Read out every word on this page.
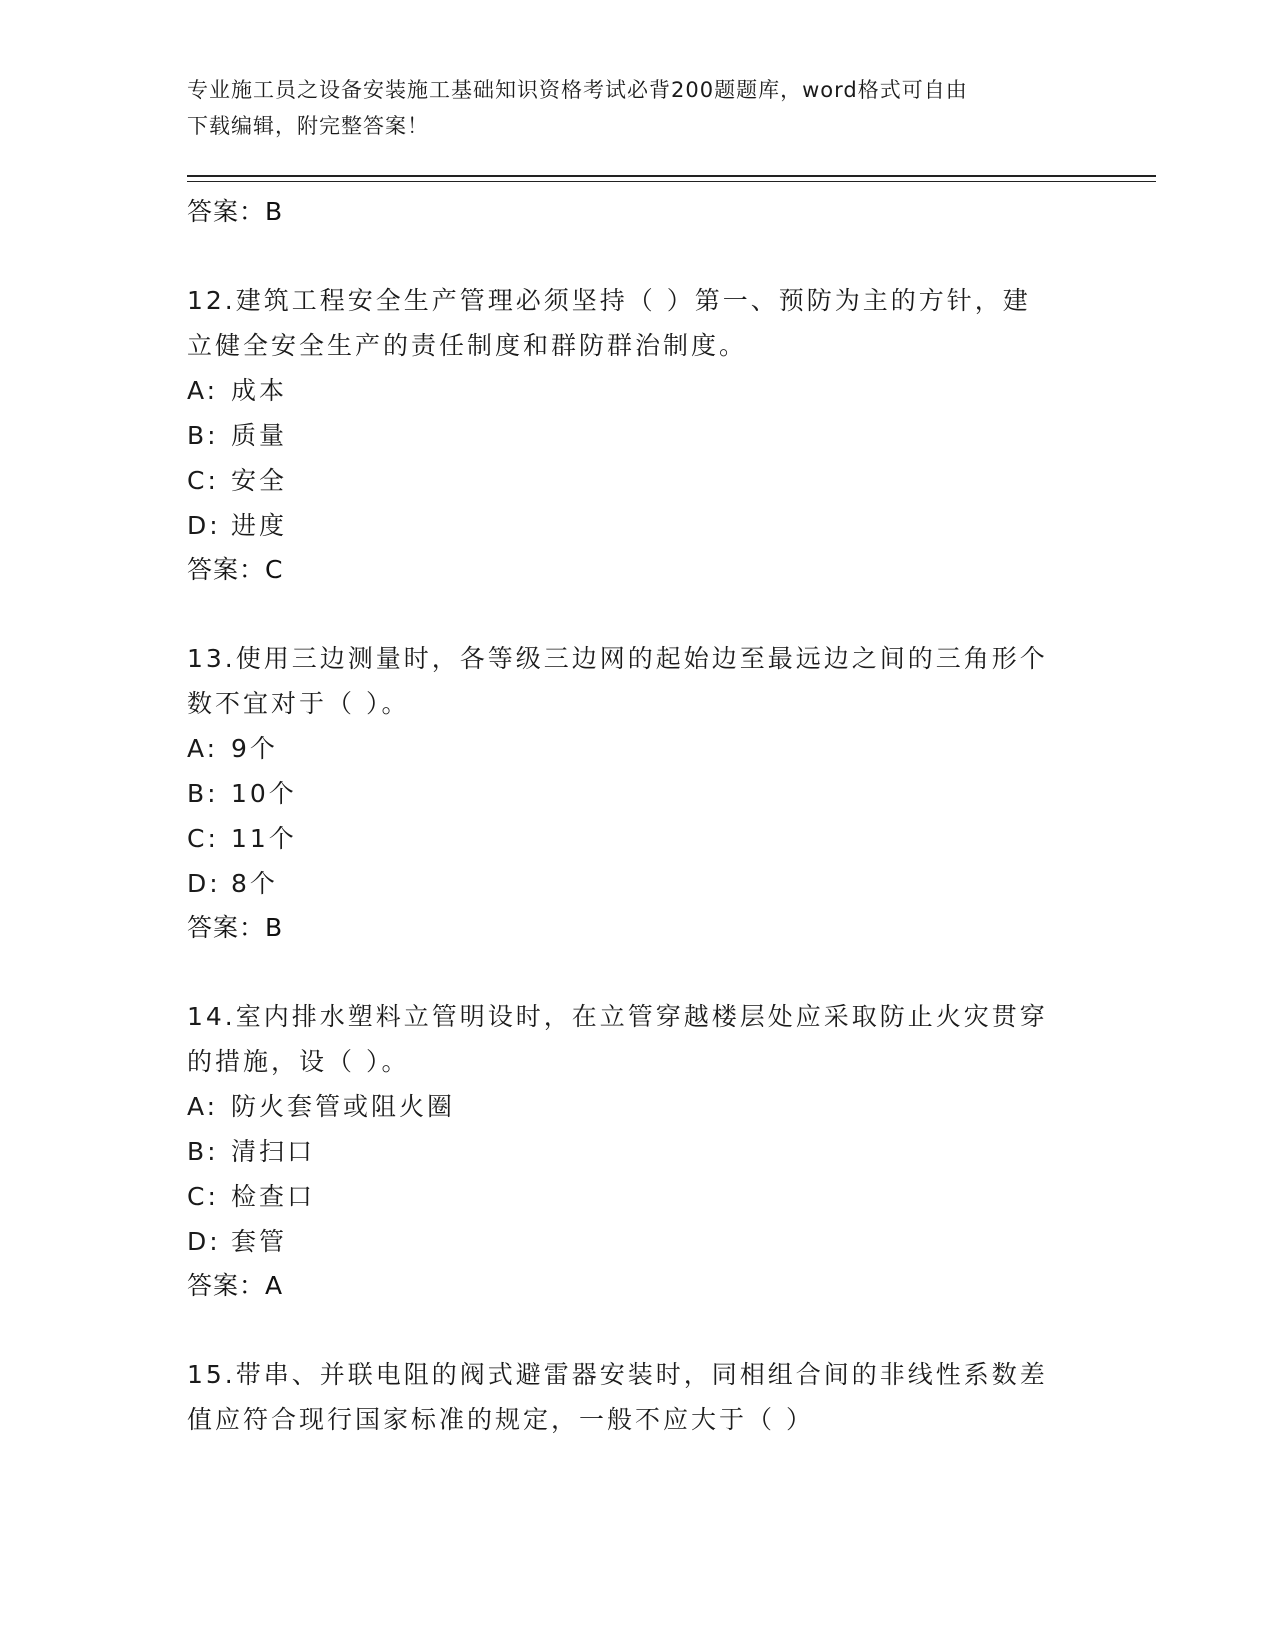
专业施工员之设备安装施工基础知识资格考试必背200题题库，word格式可自由
下载编辑，附完整答案！
答案：B
12.建筑工程安全生产管理必须坚持（ ）第一、预防为主的方针，建
立健全安全生产的责任制度和群防群治制度。
A: 成本
B: 质量
C: 安全
D: 进度
答案：C
13.使用三边测量时，各等级三边网的起始边至最远边之间的三角形个
数不宜对于（ ）。
A: 9个
B: 10个
C: 11个
D: 8个
答案：B
14.室内排水塑料立管明设时，在立管穿越楼层处应采取防止火灾贯穿
的措施，设（ ）。
A: 防火套管或阻火圈
B: 清扫口
C: 检查口
D: 套管
答案：A
15.带串、并联电阻的阀式避雷器安装时，同相组合间的非线性系数差
值应符合现行国家标准的规定，一般不应大于（ ）
